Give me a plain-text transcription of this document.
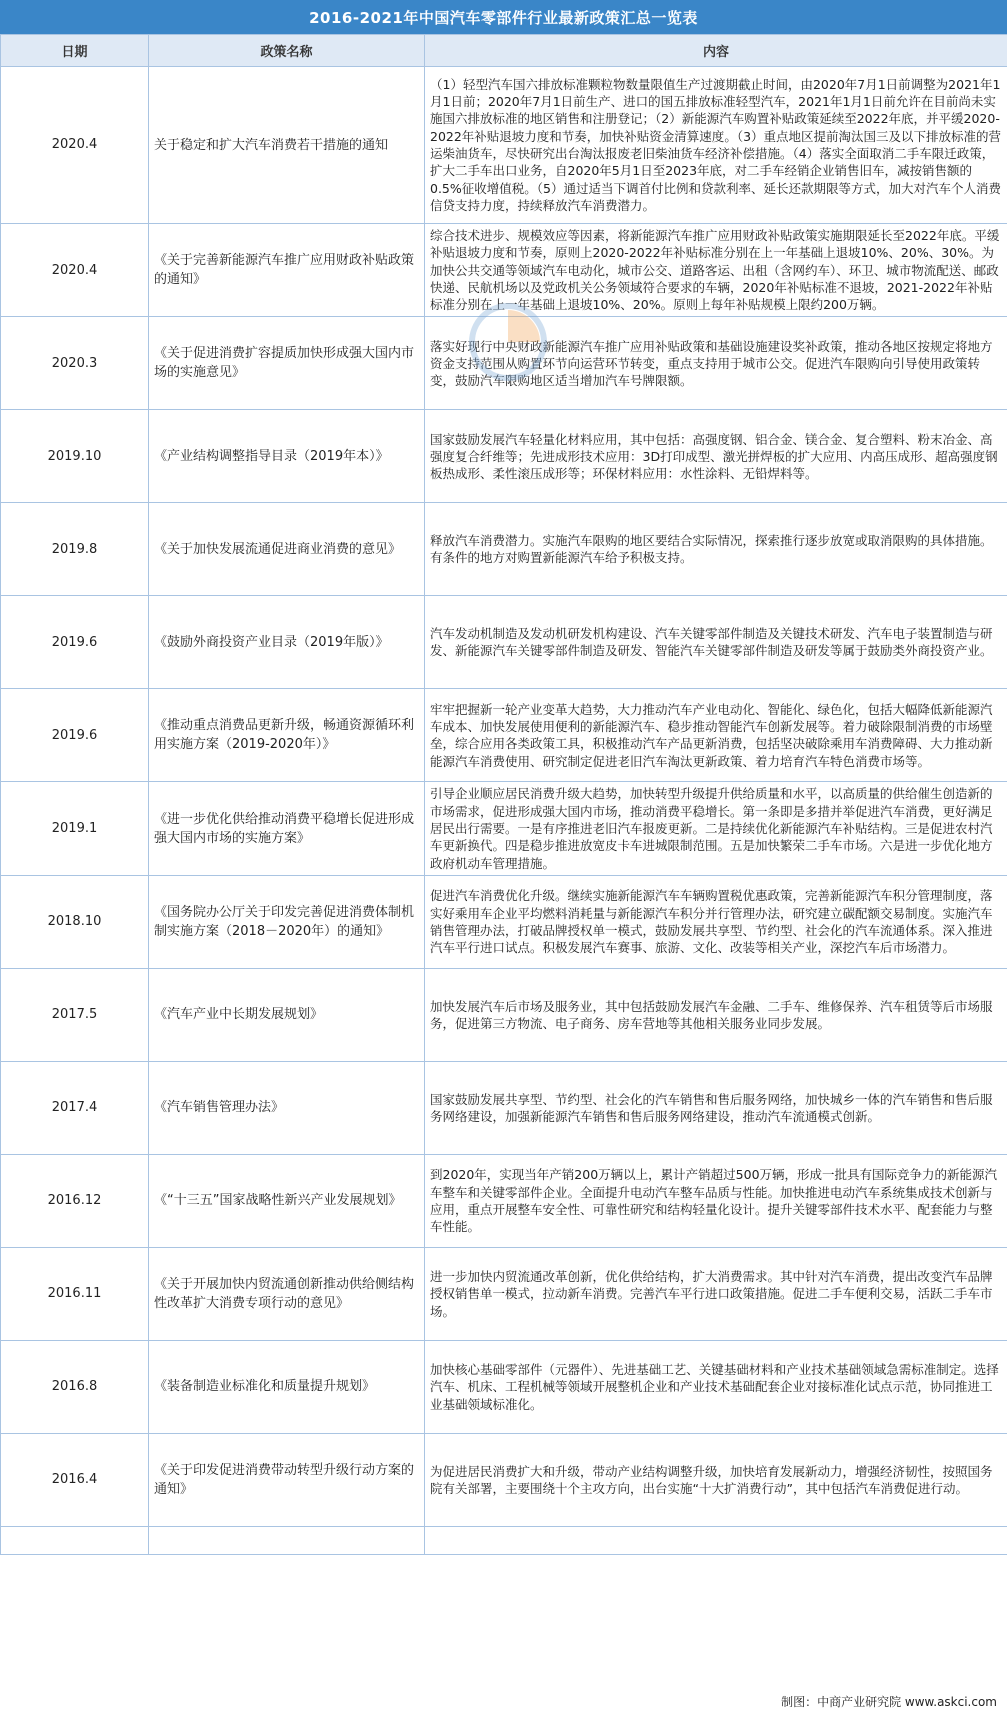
2016-2021年中国汽车零部件行业最新政策汇总一览表
日期	政策名称	内容
2020.4	关于稳定和扩大汽车消费若干措施的通知	（1）轻型汽车国六排放标准颗粒物数量限值生产过渡期截止时间，由2020年7月1日前调整为2021年1月1日前；2020年7月1日前生产、进口的国五排放标准轻型汽车，2021年1月1日前允许在目前尚未实施国六排放标准的地区销售和注册登记；（2）新能源汽车购置补贴政策延续至2022年底，并平缓2020-2022年补贴退坡力度和节奏，加快补贴资金清算速度。（3）重点地区提前淘汰国三及以下排放标准的营运柴油货车，尽快研究出台淘汰报废老旧柴油货车经济补偿措施。（4）落实全面取消二手车限迁政策，扩大二手车出口业务，自2020年5月1日至2023年底，对二手车经销企业销售旧车，减按销售额的0.5%征收增值税。（5）通过适当下调首付比例和贷款利率、延长还款期限等方式，加大对汽车个人消费信贷支持力度，持续释放汽车消费潜力。
2020.4	《关于完善新能源汽车推广应用财政补贴政策的通知》	综合技术进步、规模效应等因素，将新能源汽车推广应用财政补贴政策实施期限延长至2022年底。平缓补贴退坡力度和节奏，原则上2020-2022年补贴标准分别在上一年基础上退坡10%、20%、30%。为加快公共交通等领域汽车电动化，城市公交、道路客运、出租（含网约车）、环卫、城市物流配送、邮政快递、民航机场以及党政机关公务领域符合要求的车辆，2020年补贴标准不退坡，2021-2022年补贴标准分别在上一年基础上退坡10%、20%。原则上每年补贴规模上限约200万辆。
2020.3	《关于促进消费扩容提质加快形成强大国内市场的实施意见》	落实好现行中央财政新能源汽车推广应用补贴政策和基础设施建设奖补政策，推动各地区按规定将地方资金支持范围从购置环节向运营环节转变，重点支持用于城市公交。促进汽车限购向引导使用政策转变，鼓励汽车限购地区适当增加汽车号牌限额。
2019.10	《产业结构调整指导目录（2019年本）》	国家鼓励发展汽车轻量化材料应用，其中包括：高强度钢、铝合金、镁合金、复合塑料、粉末冶金、高强度复合纤维等；先进成形技术应用：3D打印成型、激光拼焊板的扩大应用、内高压成形、超高强度钢板热成形、柔性滚压成形等；环保材料应用：水性涂料、无铅焊料等。
2019.8	《关于加快发展流通促进商业消费的意见》	释放汽车消费潜力。实施汽车限购的地区要结合实际情况，探索推行逐步放宽或取消限购的具体措施。有条件的地方对购置新能源汽车给予积极支持。
2019.6	《鼓励外商投资产业目录（2019年版）》	汽车发动机制造及发动机研发机构建设、汽车关键零部件制造及关键技术研发、汽车电子装置制造与研发、新能源汽车关键零部件制造及研发、智能汽车关键零部件制造及研发等属于鼓励类外商投资产业。
2019.6	《推动重点消费品更新升级，畅通资源循环利用实施方案（2019-2020年）》	牢牢把握新一轮产业变革大趋势，大力推动汽车产业电动化、智能化、绿色化，包括大幅降低新能源汽车成本、加快发展使用便利的新能源汽车、稳步推动智能汽车创新发展等。着力破除限制消费的市场壁垒，综合应用各类政策工具，积极推动汽车产品更新消费，包括坚决破除乘用车消费障碍、大力推动新能源汽车消费使用、研究制定促进老旧汽车淘汰更新政策、着力培育汽车特色消费市场等。
2019.1	《进一步优化供给推动消费平稳增长促进形成强大国内市场的实施方案》	引导企业顺应居民消费升级大趋势，加快转型升级提升供给质量和水平，以高质量的供给催生创造新的市场需求，促进形成强大国内市场，推动消费平稳增长。第一条即是多措并举促进汽车消费，更好满足居民出行需要。一是有序推进老旧汽车报废更新。二是持续优化新能源汽车补贴结构。三是促进农村汽车更新换代。四是稳步推进放宽皮卡车进城限制范围。五是加快繁荣二手车市场。六是进一步优化地方政府机动车管理措施。
2018.10	《国务院办公厅关于印发完善促进消费体制机制实施方案（2018－2020年）的通知》	促进汽车消费优化升级。继续实施新能源汽车车辆购置税优惠政策，完善新能源汽车积分管理制度，落实好乘用车企业平均燃料消耗量与新能源汽车积分并行管理办法，研究建立碳配额交易制度。实施汽车销售管理办法，打破品牌授权单一模式，鼓励发展共享型、节约型、社会化的汽车流通体系。深入推进汽车平行进口试点。积极发展汽车赛事、旅游、文化、改装等相关产业，深挖汽车后市场潜力。
2017.5	《汽车产业中长期发展规划》	加快发展汽车后市场及服务业，其中包括鼓励发展汽车金融、二手车、维修保养、汽车租赁等后市场服务，促进第三方物流、电子商务、房车营地等其他相关服务业同步发展。
2017.4	《汽车销售管理办法》	国家鼓励发展共享型、节约型、社会化的汽车销售和售后服务网络，加快城乡一体的汽车销售和售后服务网络建设，加强新能源汽车销售和售后服务网络建设，推动汽车流通模式创新。
2016.12	《“十三五”国家战略性新兴产业发展规划》	到2020年，实现当年产销200万辆以上，累计产销超过500万辆，形成一批具有国际竞争力的新能源汽车整车和关键零部件企业。全面提升电动汽车整车品质与性能。加快推进电动汽车系统集成技术创新与应用，重点开展整车安全性、可靠性研究和结构轻量化设计。提升关键零部件技术水平、配套能力与整车性能。
2016.11	《关于开展加快内贸流通创新推动供给侧结构性改革扩大消费专项行动的意见》	进一步加快内贸流通改革创新，优化供给结构，扩大消费需求。其中针对汽车消费，提出改变汽车品牌授权销售单一模式，拉动新车消费。完善汽车平行进口政策措施。促进二手车便利交易，活跃二手车市场。
2016.8	《装备制造业标准化和质量提升规划》	加快核心基础零部件（元器件）、先进基础工艺、关键基础材料和产业技术基础领域急需标准制定。选择汽车、机床、工程机械等领域开展整机企业和产业技术基础配套企业对接标准化试点示范，协同推进工业基础领域标准化。
2016.4	《关于印发促进消费带动转型升级行动方案的通知》	为促进居民消费扩大和升级，带动产业结构调整升级，加快培育发展新动力，增强经济韧性，按照国务院有关部署，主要围绕十个主攻方向，出台实施“十大扩消费行动”，其中包括汽车消费促进行动。

制图：中商产业研究院 www.askci.com
